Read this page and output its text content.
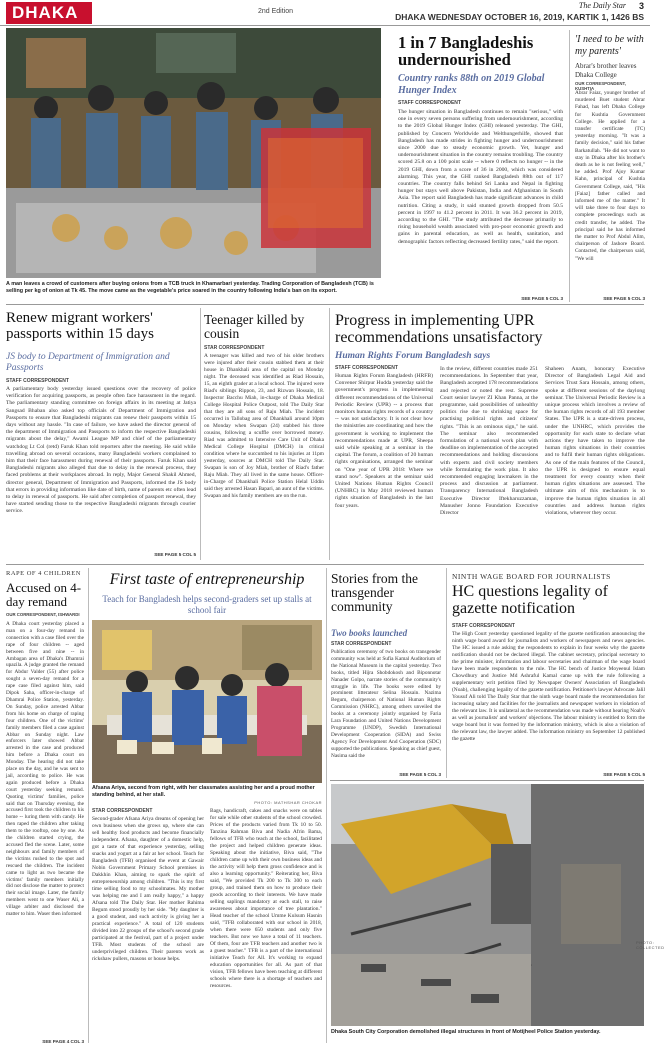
DHAKA	2nd Edition
The Daily Star 3
DHAKA WEDNESDAY OCTOBER 16, 2019, KARTIK 1, 1426 BS
A man leaves a crowd of customers after buying onions from a TCB truck in Khamarbari yesterday. Trading Corporation of Bangladesh (TCB) is selling per kg of onion at Tk 45. The move came as the vegetable's price soared in the country following India's ban on its export.
1 in 7 Bangladeshis undernourished
Country ranks 88th on 2019 Global Hunger Index
STAFF CORRESPONDENT
The hunger situation in Bangladesh continues to remain "serious," with one in every seven persons suffering from undernourishment, according to the 2019 Global Hunger Index (GHI) released yesterday. The GHI, published by Concern Worldwide and Welthungerhilfe, showed that Bangladesh has made strides in fighting hunger and undernourishment since 2000 due to steady economic growth. Yet, hunger and undernourishment situation in the country remains troubling. The country scored 25.8 on a 100 point scale -- where 0 reflects no hunger -- in the 2019 GHI, down from a score of 36 in 2000, which was considered alarming. This year, the GHI ranked Bangladesh 88th out of 117 countries. The country falls behind Sri Lanka and Nepal in fighting hunger but stays well above Pakistan, India and Afghanistan in South Asia. The report said Bangladesh has made significant advances in child nutrition. Citing a study, it said stunted growth dropped from 50.5 percent in 1997 to 41.2 percent in 2011. It was 36.2 percent in 2019, according to the GHI. "The study attributed the decrease primarily to rising household wealth associated with pro-poor economic growth and gains in parental education, as well as health, sanitation, and demographic factors reflecting decreased fertility rates," said the report.
SEE PAGE 5 COL 3
'I need to be with my parents'
Abrar's brother leaves Dhaka College
OUR CORRESPONDENT, KUSHTIA
Abrar Faiaz, younger brother of murdered Buet student Abrar Fahad, has left Dhaka College for Kushtia Government College. He applied for a transfer certificate (TC) yesterday morning. "It was a family decision," said his father Barkatullah. "He did not want to stay in Dhaka after his brother's death as he is not feeling well," he added. Prof Ajoy Kumar Kahn, principal of Kushtia Government College, said, "His [Faiaz] father called and informed me of the matter." It will take three to four days to complete proceedings such as credit transfer, he added. The principal said he has informed the matter to Prof Abdul Alim, chairperson of Jashore Board. Contacted, the chairperson said, "We will
SEE PAGE 5 COL 3
Renew migrant workers' passports within 15 days
JS body to Department of Immigration and Passports
STAFF CORRESPONDENT
A parliamentary body yesterday issued questions over the recovery of police verification for acquiring passports, as people often face harassment in the regard. The parliamentary standing committee on foreign affairs in its meeting at Jatiya Sangsad Bhaban also asked top officials of Department of Immigration and Passports to ensure that Bangladeshi migrants can renew their passports within 15 days without any hassle. "In case of failure, we have asked the director general of the department of Immigration and Passports to inform the respective Bangladeshi migrants about the delay," Awami League MP and chief of the parliamentary watchdog Lt Col (retd) Faruk Khan told reporters after the meeting. He said while travelling abroad on several occasions, many Bangladeshi workers complained to him that their face harassment during renewal of their passports. Faruk Khan said Bangladeshi migrants also alleged that due to delay in the renewal process, they faced problems at their workplaces abroad. In reply, Major General Shakil Ahmed, director general, Department of Immigration and Passports, informed the JS body that errors in providing information like date of birth, name of parents etc often lead to delay in renewal of passports. He said after completion of passport renewal, they have started sending those to the respective Bangladeshi migrants through courier service.
SEE PAGE 5 COL 5
Teenager killed by cousin
STAR CORRESPONDENT
A teenager was killed and two of his older brothers were injured after their cousin stabbed them at their house in Dhankhali area of the capital on Monday night. The deceased was identified as Riad Hossain, 15, an eighth grader at a local school. The injured were Riad's siblings Rippon, 23, and Rizwan Hossain, 18. Inspector Bacchu Miah, in-charge of Dhaka Medical College Hospital Police Outpost, told The Daily Star that they are all sons of Raju Miah. The incident occurred in Tallobag area of Dhankhali around 10pm on Monday when Swapan (24) stabbed his three cousins, following a scuffle over borrowed money. Riad was admitted to Intensive Care Unit of Dhaka Medical College Hospital (DMCH) in critical condition where he succumbed to his injuries at 11pm yesterday, sources at DMCH told The Daily Star. Swapan is son of Joy Miah, brother of Riad's father Raju Miah. They all lived in the same house. Officer-in-Charge of Dhankhali Police Station Helal Uddin said they arrested Hasan Bapari, an aunt of the victims. Swapan and his family members are on the run.
Progress in implementing UPR recommendations unsatisfactory
Human Rights Forum Bangladesh says
STAFF CORRESPONDENT
Human Rights Forum Bangladesh (HRFB) Convener Shirpur Hudda yesterday said the government's progress in implementing different recommendations of the Universal Periodic Review (UPR) -- a process that monitors human rights records of a country -- was not satisfactory. It is not clear how the ministries are coordinating and how the government is working to implement the recommendations made at UPR, Sheepa said while speaking at a seminar in the capital. The forum, a coalition of 20 human rights organisations, arranged the seminar on "One year of UPR 2018: Where we stand now". Speakers at the seminar said United Nations Human Rights Council (UNHRC) in May 2018 reviewed human rights situation of Bangladesh in the last four years.
In the review, different countries made 251 recommendations. In September that year, Bangladesh accepted 178 recommendations and rejected or noted the rest. Supreme Court senior lawyer ZI Khan Panna, at the programme, said possibilities of unhealthy politics rise due to shrinking space for practising political rights and citizens' rights. "This is an ominous sign," he said. The seminar also recommended formulation of a national work plan with deadline on implementation of the accepted recommendations and holding discussions with experts and civil society members while formulating the work plan. It also recommended engaging lawmakers in the process and discussion at parliament. Transparency International Bangladesh Executive Director Iftekharuzzaman, Manusher Jonno Foundation Executive Director
Shaheen Anam, honorary Executive Director of Bangladesh Legal Aid and Services Trust Sara Hossain, among others, spoke at different sessions of the daylong seminar. The Universal Periodic Review is a unique process which involves a review of the human rights records of all 193 member States. The UPR is a state-driven process, under the UNHRC, which provides the opportunity for each state to declare what actions they have taken to improve the human rights situations in their countries and to fulfil their human rights obligations. As one of the main features of the Council, the UPR is designed to ensure equal treatment for every country when their human rights situations are assessed. The ultimate aim of this mechanism is to improve the human rights situation in all countries and address human rights violations, wherever they occur.
RAPE OF 4 CHILDREN
Accused on 4-day remand
OUR CORRESPONDENT, ISHWARDI
A Dhaka court yesterday placed a man on a four-day remand in connection with a case filed over the rape of four children -- aged between five and nine -- in Ambagan area of Dhaka's Dhamrai upazila. A judge granted the remand for Abdur Valder (55) after police sought a seven-day remand for a rape case filed against him, said Dipok Saha, officer-in-charge of Dhamrai Police Station, yesterday. On Sunday, police arrested Abbar from his home on charge of raping four children. One of the victims' family members filed a case against Abbar on Sunday night. Law enforcers later showed Abbar arrested in the case and produced him before a Dhaka court on Monday. The hearing did not take place on the day, and he was sent to jail, according to police. He was again produced before a Dhaka court yesterday seeking remand. Quoting victims' families, police said that on Thursday evening, the accused first took the children to his home -- luring them with candy. He then raped the children after taking them to the rooftop, one by one. As the children started crying, the accused fled the scene. Later, some neighbours and family members of the victims rushed to the spot and rescued the children. The incident came to light as two became the victims' family members initially did not disclose the matter to protect their social image. Later, the family members went to one Waser Ali, a village arbiter and disclosed the matter to him. Waser then informed
SEE PAGE 4 COL 3
First taste of entrepreneurship
Teach for Bangladesh helps second-graders set up stalls at school fair
Afsana Ariya, second from right, with her classmates assisting her and a proud mother standing behind, at her stall.
PHOTO: MATHSHAR CHOKAR
STAR CORRESPONDENT
Second-grader Afsana Ariya dreams of opening her own business when she grows up, where she can sell healthy food products and become financially independent. Afsana, daughter of a domestic help, got a taste of that experience yesterday, selling snacks and yogurt at a fair at her school. Teach for Bangladesh (TFB) organised the event at Gawair Nobin Government Primary School premises in Dakkhin Khan, aiming to spark the spirit of entrepreneurship among children. "This is my first time selling food to my schoolmates. My mother was helping me and I am really happy," a happy Afsana told The Daily Star. Her mother Rahima Begum stood proudly by her side. "My daughter is a good student, and such activity is giving her a practical experience." A total of 120 students divided into 22 groups of the school's second grade participated at the festival, part of a project under TFB. Most students of the school are underprivileged children. Their parents work as rickshaw pullers, masons or house helps.
Bags, handicraft, cakes and snacks were on tables for sale while other students of the school crowded. Prices of the products varied from Tk 10 to 50. Tanzina Rahman Biva and Nadia Afrin Bama, fellows of TFB who teach at the school, facilitated the project and helped children generate ideas. Speaking about the initiative, Biva said, "The children came up with their own business ideas and the activity will help them gross confidence and is also a learning opportunity." Reiterating her, Biva said, "We provided Tk 200 to Tk 300 to each group, and trained them on how to produce their goods according to their interests. We have made selling saplings mandatory at each stall, to raise awareness about importance of tree plantation." Head teacher of the school Umme Kulsum Hasnin said, "TFB collaborated with our school in 2018, when there were 650 students and only five teachers. But now we have a total of 11 teachers. Of them, four are TFB teachers and another two is a guest teacher." TFB is a part of the international initiative Teach for All. It's working to expand education opportunities for all. As part of that vision, TFB fellows have been teaching at different schools where there is a shortage of teachers and resources.
Stories from the transgender community
Two books launched
STAR CORRESPONDENT
Publication ceremony of two books on transgender community was held at Sufia Kamal Auditorium of the National Museum in the capital yesterday. Two books, titled Hijra Shobdokosh and Biponnotar Nanader Golpo, narrate stories of the community's struggle in life. The books were edited by prominent litterateur Selina Hossain. Nazima Begum, chairperson of National Human Rights Commission (NHRC), among others unveiled the books at a ceremony jointly organised by Faria Lara Foundation and United Nations Development Programme (UNDP), Swedish International Development Cooperation (SIDA) and Swiss Agency For Development And Cooperation (SDC) supported the publications. Speaking as chief guest, Nasima said the
SEE PAGE 5 COL 3
NINTH WAGE BOARD FOR JOURNALISTS
HC questions legality of gazette notification
STAFF CORRESPONDENT
The High Court yesterday questioned legality of the gazette notification announcing the ninth wage board award for journalists and workers of newspapers and news agencies. The HC issued a rule asking the respondents to explain in four weeks why the gazette notification should not be declared illegal. The cabinet secretary, principal secretary to the prime minister, information and labour secretaries and chairman of the wage board have been made respondents to the rule. The HC bench of Justice Moyeenul Islam Chowdhury and Justice Md Ashraful Kamal came up with the rule following a supplementary writ petition filed by Newspaper Owners' Association of Bangladesh (Noab), challenging legality of the gazette notification. Petitioner's lawyer Advocate Jalil Yousuf Ali told The Daily Star that the ninth wage board made the recommendation for increasing salary and facilities for the journalists and newspaper workers in violation of the relevant law. It is unilateral as the recommendation was made without hearing Noab's as well as journalists' and workers' objections. The labour ministry is entitled to form the wage board but it was formed by the information ministry, which is also a violation of the relevant law, the lawyer added. The information ministry on September 12 published the gazette
SEE PAGE 5 COL 5
PHOTO: COLLECTED
Dhaka South City Corporation demolished illegal structures in front of Motijheel Police Station yesterday.
